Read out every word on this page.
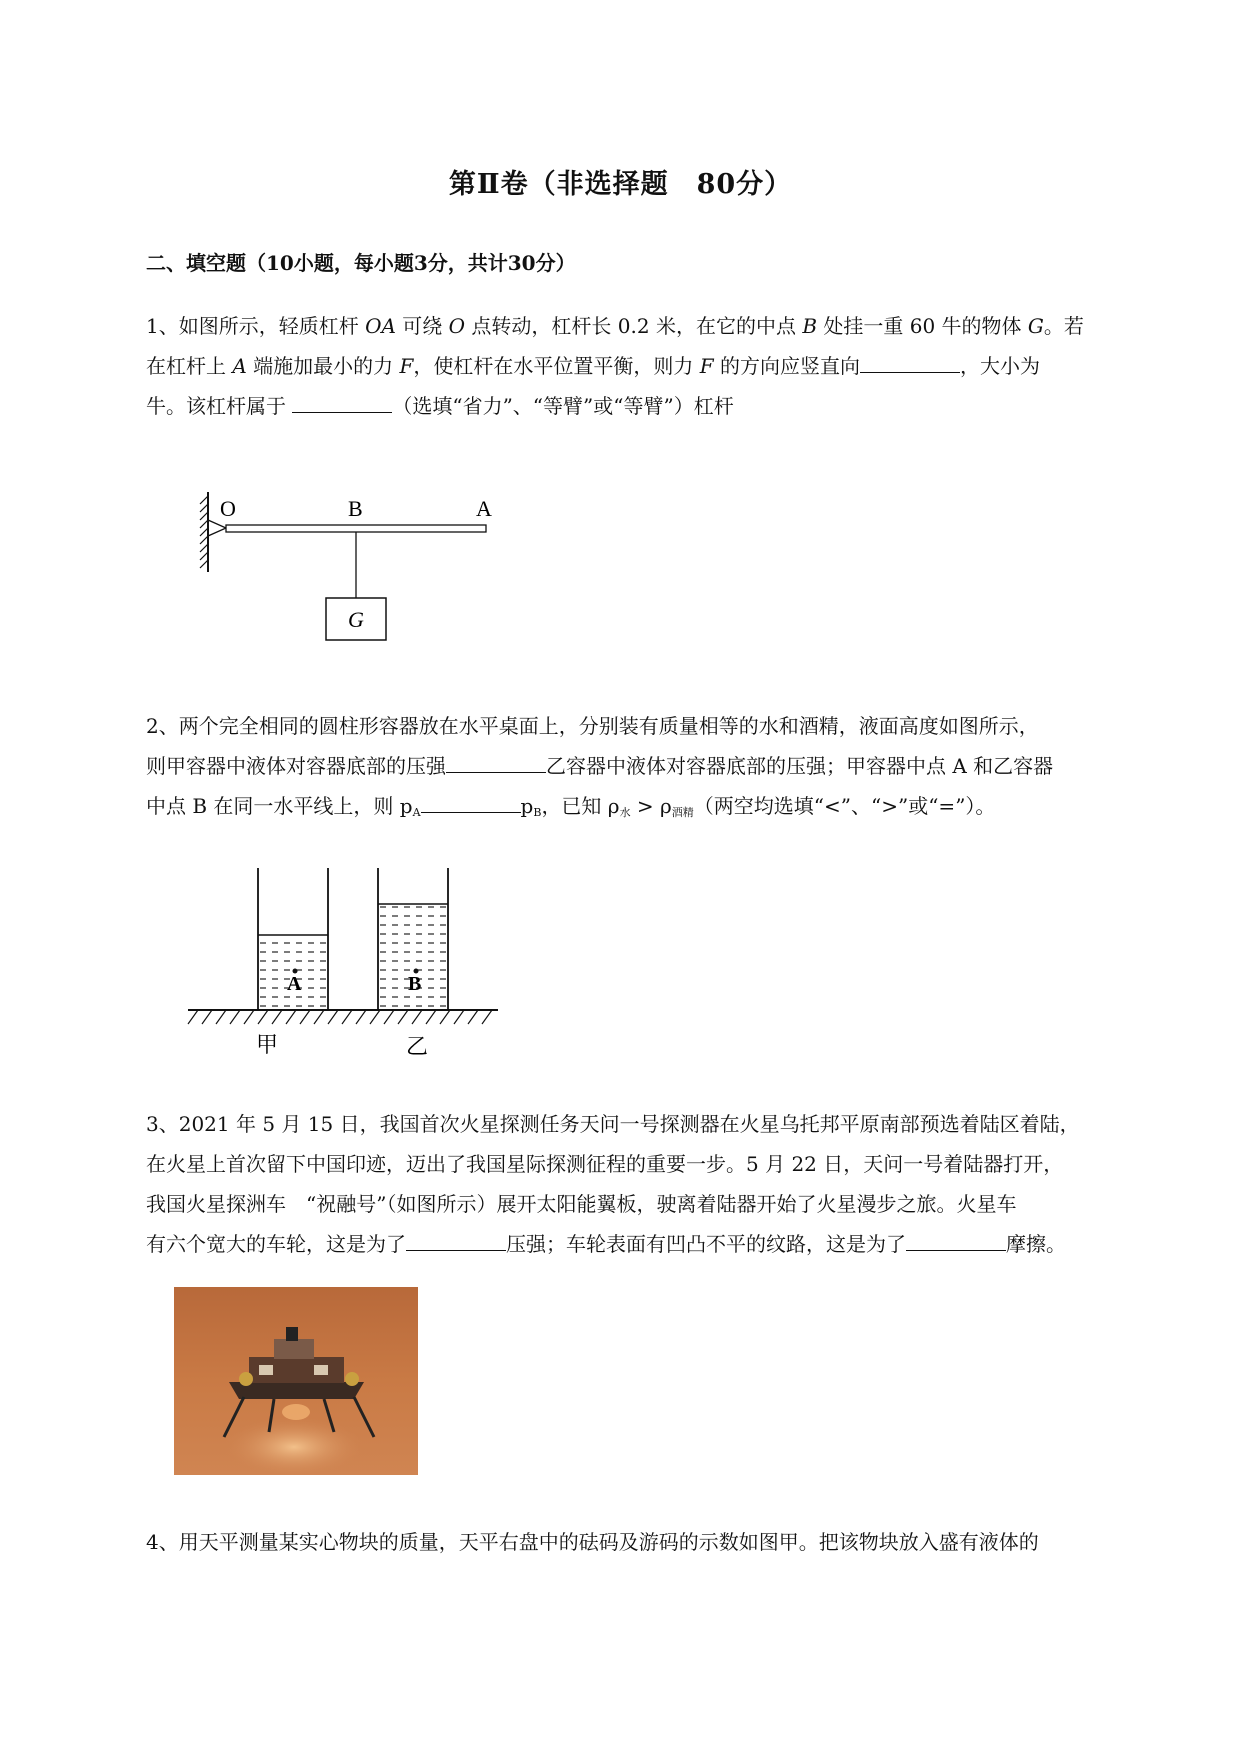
第Ⅱ卷（非选择题　80分）
二、填空题（10小题，每小题3分，共计30分）
1、如图所示，轻质杠杆 OA 可绕 O 点转动，杠杆长 0.2 米，在它的中点 B 处挂一重 60 牛的物体 G。若
在杠杆上 A 端施加最小的力 F，使杠杆在水平位置平衡，则力 F 的方向应竖直向	，大小为
牛。该杠杆属于	（选填“省力”、“等臂”或“等臂”）杠杆
O	B	A
G
2、两个完全相同的圆柱形容器放在水平桌面上，分别装有质量相等的水和酒精，液面高度如图所示，
则甲容器中液体对容器底部的压强	乙容器中液体对容器底部的压强；甲容器中点 A 和乙容器
中点 B 在同一水平线上，则 $p_A$	$p_B$，已知 $\rho_水 > \rho_{酒精}$（两空均选填“<”、“>”或“=”）。
A	B
甲	乙
3、2021 年 5 月 15 日，我国首次火星探测任务天问一号探测器在火星乌托邦平原南部预选着陆区着陆，
在火星上首次留下中国印迹，迈出了我国星际探测征程的重要一步。5 月 22 日，天问一号着陆器打开，
我国火星探洲车　“祝融号”（如图所示）展开太阳能翼板，驶离着陆器开始了火星漫步之旅。火星车
有六个宽大的车轮，这是为了	压强；车轮表面有凹凸不平的纹路，这是为了	摩擦。
4、用天平测量某实心物块的质量，天平右盘中的砝码及游码的示数如图甲。把该物块放入盛有液体的
